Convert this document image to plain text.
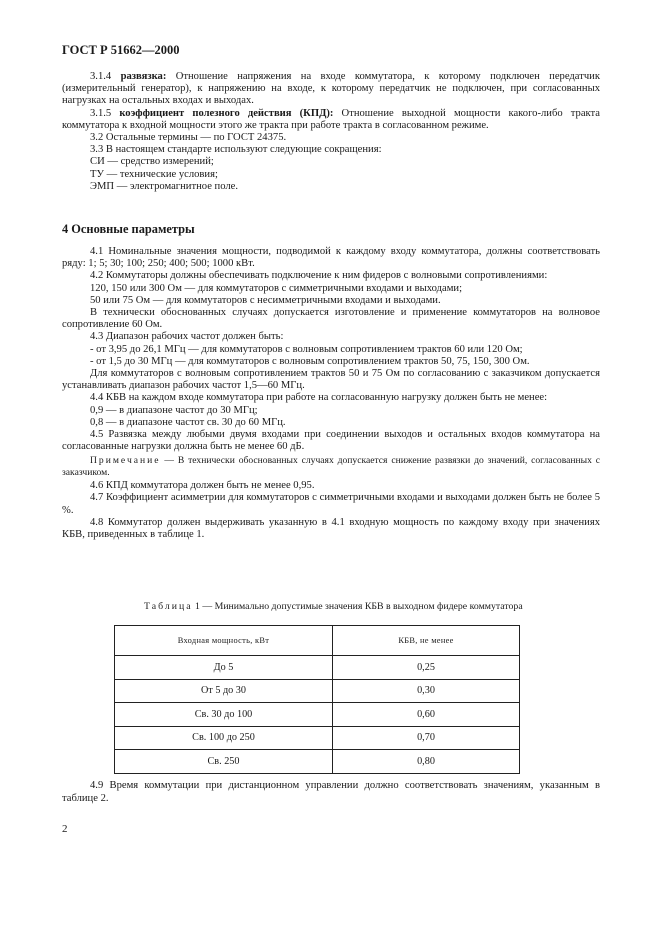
ГОСТ Р 51662—2000

3.1.4 развязка: Отношение напряжения на входе коммутатора, к которому подключен передатчик (измерительный генератор), к напряжению на входе, к которому передатчик не подключен, при согласованных нагрузках на остальных входах и выходах.

3.1.5 коэффициент полезного действия (КПД): Отношение выходной мощности какого-либо тракта коммутатора к входной мощности этого же тракта при работе тракта в согласованном режиме.

3.2 Остальные термины — по ГОСТ 24375.

3.3 В настоящем стандарте используют следующие сокращения:

СИ — средство измерений;

ТУ — технические условия;

ЭМП — электромагнитное поле.

4 Основные параметры

4.1 Номинальные значения мощности, подводимой к каждому входу коммутатора, должны соответствовать ряду: 1; 5; 30; 100; 250; 400; 500; 1000 кВт.

4.2 Коммутаторы должны обеспечивать подключение к ним фидеров с волновыми сопротивлениями:

120, 150 или 300 Ом — для коммутаторов с симметричными входами и выходами;

50 или 75 Ом — для коммутаторов с несимметричными входами и выходами.

В технически обоснованных случаях допускается изготовление и применение коммутаторов на волновое сопротивление 60 Ом.

4.3 Диапазон рабочих частот должен быть:

- от 3,95 до 26,1 МГц — для коммутаторов с волновым сопротивлением трактов 60 или 120 Ом;

- от 1,5 до 30 МГц — для коммутаторов с волновым сопротивлением трактов 50, 75, 150, 300 Ом.

Для коммутаторов с волновым сопротивлением трактов 50 и 75 Ом по согласованию с заказчиком допускается устанавливать диапазон рабочих частот 1,5—60 МГц.

4.4 КБВ на каждом входе коммутатора при работе на согласованную нагрузку должен быть не менее:

0,9 — в диапазоне частот до 30 МГц;

0,8 — в диапазоне частот св. 30 до 60 МГц.

4.5 Развязка между любыми двумя входами при соединении выходов и остальных входов коммутатора на согласованные нагрузки должна быть не менее 60 дБ.

Примечание — В технически обоснованных случаях допускается снижение развязки до значений, согласованных с заказчиком.

4.6 КПД коммутатора должен быть не менее 0,95.

4.7 Коэффициент асимметрии для коммутаторов с симметричными входами и выходами должен быть не более 5 %.

4.8 Коммутатор должен выдерживать указанную в 4.1 входную мощность по каждому входу при значениях КБВ, приведенных в таблице 1.

Таблица 1 — Минимально допустимые значения КБВ в выходном фидере коммутатора
Входная мощность, кВт	КБВ, не менее
До 5	0,25
От 5 до 30	0,30
Св. 30 до 100	0,60
Св. 100 до 250	0,70
Св. 250	0,80

4.9 Время коммутации при дистанционном управлении должно соответствовать значениям, указанным в таблице 2.

2
